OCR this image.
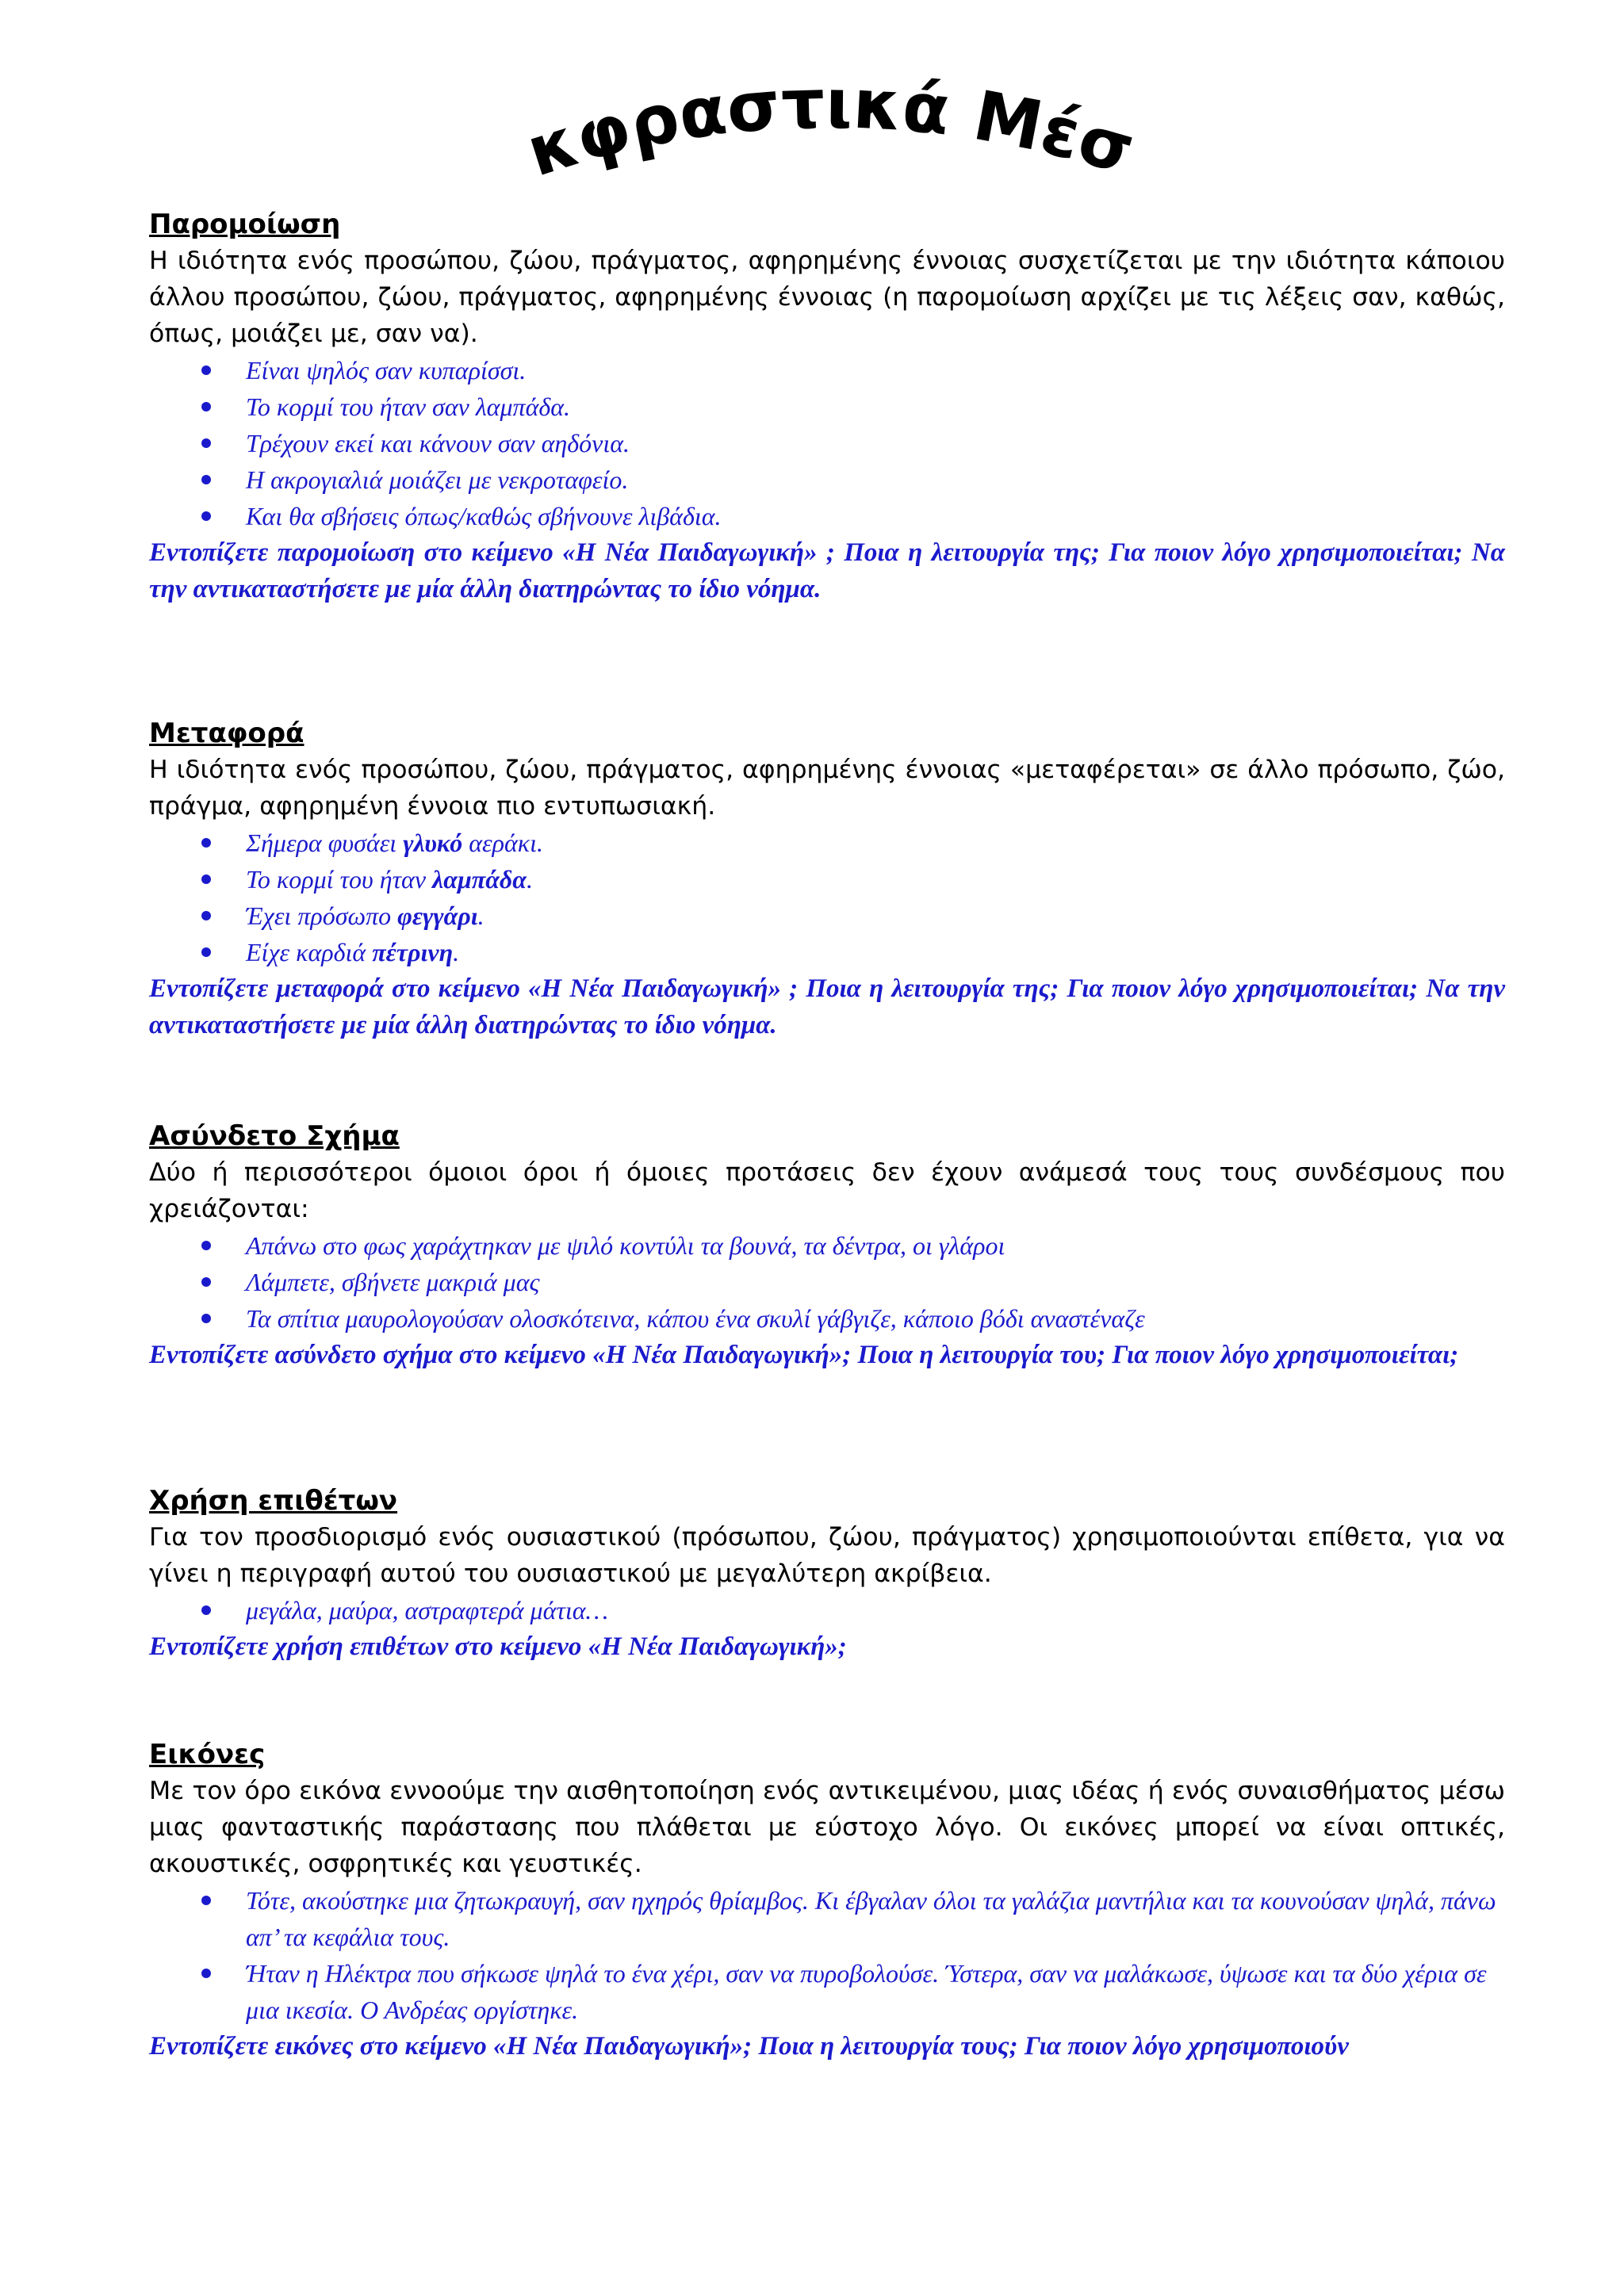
Εκφραστικά Μέσα

Παρομοίωση

Η ιδιότητα ενός προσώπου, ζώου, πράγματος, αφηρημένης έννοιας συσχετίζεται με την ιδιότητα κάποιου άλλου προσώπου, ζώου, πράγματος, αφηρημένης έννοιας (η παρομοίωση αρχίζει με τις λέξεις σαν, καθώς, όπως, μοιάζει με, σαν να).

Είναι ψηλός σαν κυπαρίσσι.
Το κορμί του ήταν σαν λαμπάδα.
Τρέχουν εκεί και κάνουν σαν αηδόνια.
Η ακρογιαλιά μοιάζει με νεκροταφείο.
Και θα σβήσεις όπως/καθώς σβήνουνε λιβάδια.

Εντοπίζετε παρομοίωση στο κείμενο «Η Νέα Παιδαγωγική» ; Ποια η λειτουργία της; Για ποιον λόγο χρησιμοποιείται; Να την αντικαταστήσετε με μία άλλη διατηρώντας το ίδιο νόημα.

Μεταφορά

Η ιδιότητα ενός προσώπου, ζώου, πράγματος, αφηρημένης έννοιας «μεταφέρεται» σε άλλο πρόσωπο, ζώο, πράγμα, αφηρημένη έννοια πιο εντυπωσιακή.

Σήμερα φυσάει γλυκό αεράκι.
Το κορμί του ήταν λαμπάδα.
Έχει πρόσωπο φεγγάρι.
Είχε καρδιά πέτρινη.

Εντοπίζετε μεταφορά στο κείμενο «Η Νέα Παιδαγωγική» ; Ποια η λειτουργία της; Για ποιον λόγο χρησιμοποιείται; Να την αντικαταστήσετε με μία άλλη διατηρώντας το ίδιο νόημα.

Ασύνδετο Σχήμα

Δύο ή περισσότεροι όμοιοι όροι ή όμοιες προτάσεις δεν έχουν ανάμεσά τους τους συνδέσμους που χρειάζονται:

Απάνω στο φως χαράχτηκαν με ψιλό κοντύλι τα βουνά, τα δέντρα, οι γλάροι
Λάμπετε, σβήνετε μακριά μας
Τα σπίτια μαυρολογούσαν ολοσκότεινα, κάπου ένα σκυλί γάβγιζε, κάποιο βόδι αναστέναζε

Εντοπίζετε ασύνδετο σχήμα στο κείμενο «Η Νέα Παιδαγωγική»; Ποια η λειτουργία του; Για ποιον λόγο χρησιμοποιείται;

Χρήση επιθέτων

Για τον προσδιορισμό ενός ουσιαστικού (πρόσωπου, ζώου, πράγματος) χρησιμοποιούνται επίθετα, για να γίνει η περιγραφή αυτού του ουσιαστικού με μεγαλύτερη ακρίβεια.

μεγάλα, μαύρα, αστραφτερά μάτια…

Εντοπίζετε χρήση επιθέτων στο κείμενο «Η Νέα Παιδαγωγική»;

Εικόνες

Με τον όρο εικόνα εννοούμε την αισθητοποίηση ενός αντικειμένου, μιας ιδέας ή ενός συναισθήματος μέσω μιας φανταστικής παράστασης που πλάθεται με εύστοχο λόγο. Οι εικόνες μπορεί να είναι οπτικές, ακουστικές, οσφρητικές και γευστικές.

Τότε, ακούστηκε μια ζητωκραυγή, σαν ηχηρός θρίαμβος. Κι έβγαλαν όλοι τα γαλάζια μαντήλια και τα κουνούσαν ψηλά, πάνω απ’ τα κεφάλια τους.
Ήταν η Ηλέκτρα που σήκωσε ψηλά το ένα χέρι, σαν να πυροβολούσε. Ύστερα, σαν να μαλάκωσε, ύψωσε και τα δύο χέρια σε μια ικεσία. Ο Ανδρέας οργίστηκε.

Εντοπίζετε εικόνες στο κείμενο «Η Νέα Παιδαγωγική»; Ποια η λειτουργία τους; Για ποιον λόγο χρησιμοποιούν
